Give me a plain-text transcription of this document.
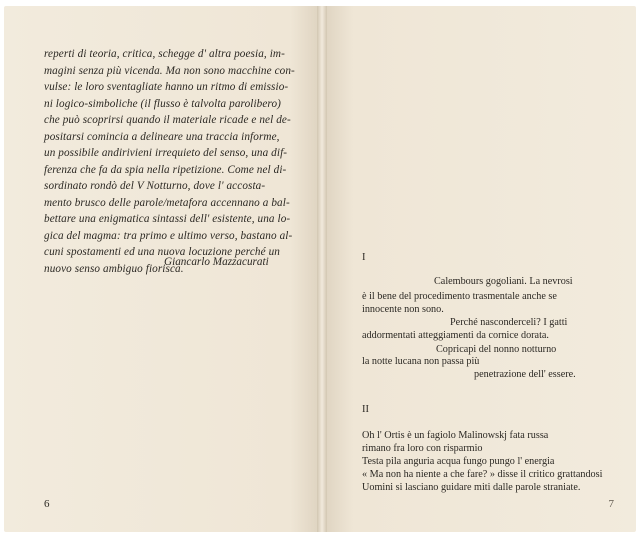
reperti di teoria, critica, schegge d' altra poesia, im-
magini senza più vicenda. Ma non sono macchine con-
vulse: le loro sventagliate hanno un ritmo di emissio-
ni logico-simboliche (il flusso è talvolta parolibero)
che può scoprirsi quando il materiale ricade e nel de-
positarsi comincia a delineare una traccia informe,
un possibile andirivieni irrequieto del senso, una dif-
ferenza che fa da spia nella ripetizione. Come nel di-
sordinato rondò del V Notturno, dove l' accosta-
mento brusco delle parole/metafora accennano a bal-
bettare una enigmatica sintassi dell' esistente, una lo-
gica del magma: tra primo e ultimo verso, bastano al-
cuni spostamenti ed una nuova locuzione perché un
nuovo senso ambiguo fiorisca.
Giancarlo Mazzacurati
6
I
Calembours gogoliani. La nevrosi
è il bene del procedimento trasmentale anche se
innocente non sono.
Perché nasconderceli? I gatti
addormentati atteggiamenti da cornice dorata.
Copricapi del nonno notturno
la notte lucana non passa più
penetrazione dell' essere.
II
Oh l' Ortis è un fagiolo Malinowskj fata russa
rimano fra loro con risparmio
Testa pila anguria acqua fungo pungo l' energia
« Ma non ha niente a che fare? » disse il critico grattandosi
Uomini si lasciano guidare miti dalle parole straniate.
7
